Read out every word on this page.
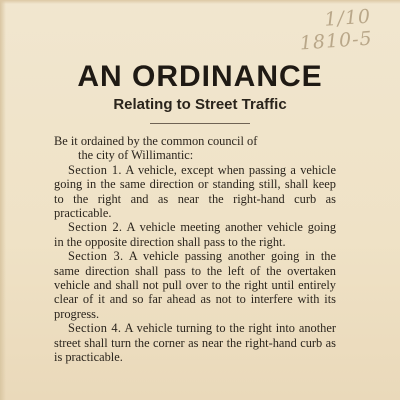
1/10
1810-5
AN ORDINANCE
Relating to Street Traffic

Be it ordained by the common council of
the city of Willimantic:

Section 1. A vehicle, except when passing a vehicle going in the same direction or standing still, shall keep to the right and as near the right-hand curb as practicable.

Section 2. A vehicle meeting another vehicle going in the opposite direction shall pass to the right.

Section 3. A vehicle passing another going in the same direction shall pass to the left of the overtaken vehicle and shall not pull over to the right until entirely clear of it and so far ahead as not to interfere with its progress.

Section 4. A vehicle turning to the right into another street shall turn the corner as near the right-hand curb as is practicable.
